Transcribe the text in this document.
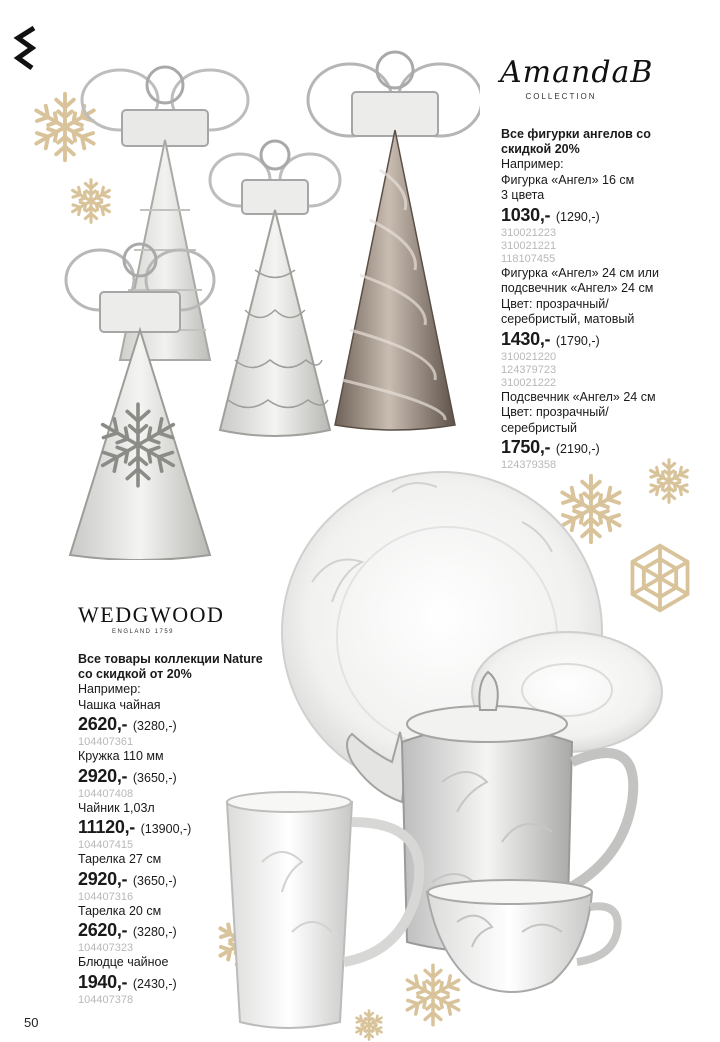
AmandaB
COLLECTION
Все фигурки ангелов со
скидкой 20%
Например:
Фигурка «Ангел» 16 см
3 цвета
1030,- (1290,-)
310021223
310021221
118107455
Фигурка «Ангел» 24 см или
подсвечник «Ангел» 24 см
Цвет: прозрачный/
серебристый, матовый
1430,- (1790,-)
310021220
124379723
310021222
Подсвечник «Ангел» 24 см
Цвет: прозрачный/
серебристый
1750,- (2190,-)
124379358
WEDGWOOD
ENGLAND 1759
Все товары коллекции Nature
со скидкой от 20%
Например:
Чашка чайная
2620,- (3280,-)
104407361
Кружка 110 мм
2920,- (3650,-)
104407408
Чайник 1,03л
11120,- (13900,-)
104407415
Тарелка 27 см
2920,- (3650,-)
104407316
Тарелка 20 см
2620,- (3280,-)
104407323
Блюдце чайное
1940,- (2430,-)
104407378
50
